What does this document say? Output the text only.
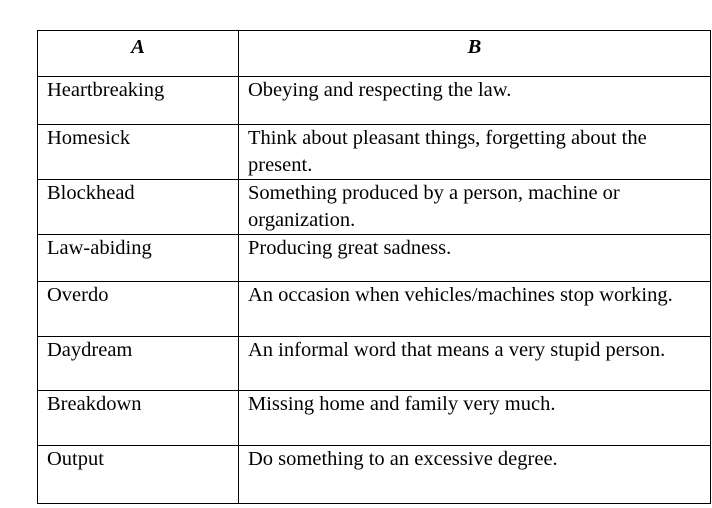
A	B
Heartbreaking	Obeying and respecting the law.
Homesick	Think about pleasant things, forgetting about the present.
Blockhead	Something produced by a person, machine or organization.
Law-abiding	Producing great sadness.
Overdo	An occasion when vehicles/machines stop working.
Daydream	An informal word that means a very stupid person.
Breakdown	Missing home and family very much.
Output	Do something to an excessive degree.
